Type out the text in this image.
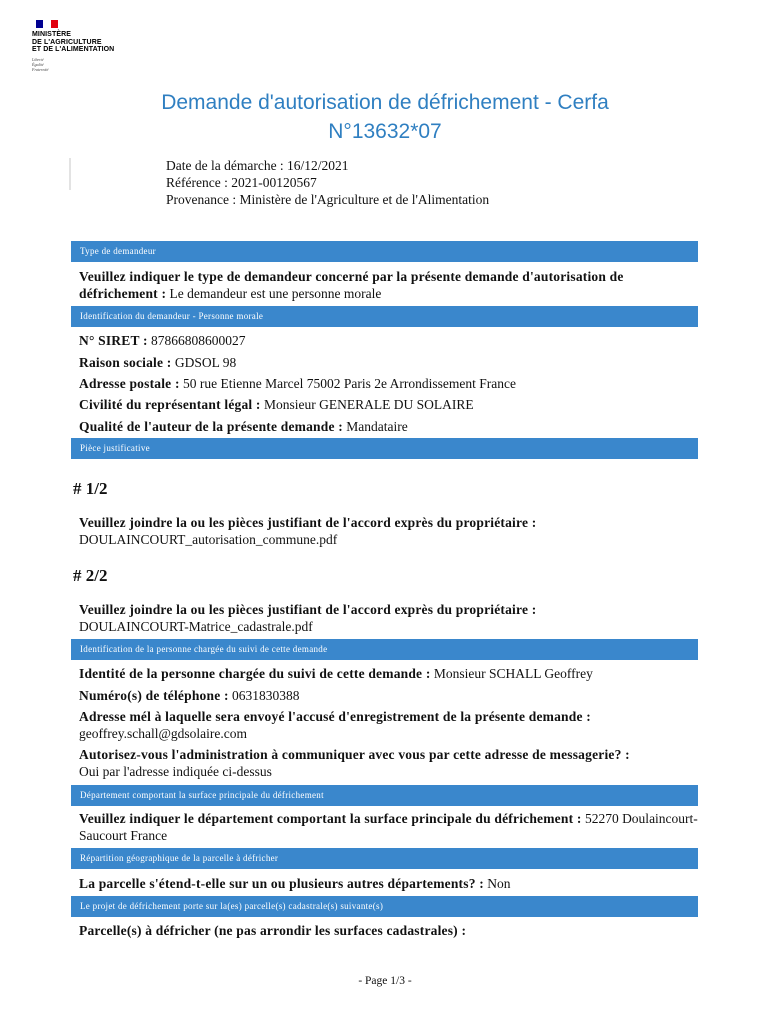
MINISTÈRE
DE L'AGRICULTURE
ET DE L'ALIMENTATION
Liberté
Égalité
Fraternité
Demande d'autorisation de défrichement - Cerfa
N°13632*07
Date de la démarche : 16/12/2021
Référence : 2021-00120567
Provenance : Ministère de l'Agriculture et de l'Alimentation
Type de demandeur
Veuillez indiquer le type de demandeur concerné par la présente demande d'autorisation de défrichement : Le demandeur est une personne morale
Identification du demandeur - Personne morale
N° SIRET : 87866808600027
Raison sociale : GDSOL 98
Adresse postale : 50 rue Etienne Marcel 75002 Paris 2e Arrondissement France
Civilité du représentant légal : Monsieur GENERALE DU SOLAIRE
Qualité de l'auteur de la présente demande : Mandataire
Pièce justificative
# 1/2
Veuillez joindre la ou les pièces justifiant de l'accord exprès du propriétaire :
DOULAINCOURT_autorisation_commune.pdf
# 2/2
Veuillez joindre la ou les pièces justifiant de l'accord exprès du propriétaire :
DOULAINCOURT-Matrice_cadastrale.pdf
Identification de la personne chargée du suivi de cette demande
Identité de la personne chargée du suivi de cette demande : Monsieur SCHALL Geoffrey
Numéro(s) de téléphone : 0631830388
Adresse mél à laquelle sera envoyé l'accusé d'enregistrement de la présente demande :
geoffrey.schall@gdsolaire.com
Autorisez-vous l'administration à communiquer avec vous par cette adresse de messagerie? :
Oui par l'adresse indiquée ci-dessus
Département comportant la surface principale du défrichement
Veuillez indiquer le département comportant la surface principale du défrichement : 52270 Doulaincourt-Saucourt France
Répartition géographique de la parcelle à défricher
La parcelle s'étend-t-elle sur un ou plusieurs autres départements? : Non
Le projet de défrichement porte sur la(es) parcelle(s) cadastrale(s) suivante(s)
Parcelle(s) à défricher (ne pas arrondir les surfaces cadastrales) :
- Page 1/3 -
